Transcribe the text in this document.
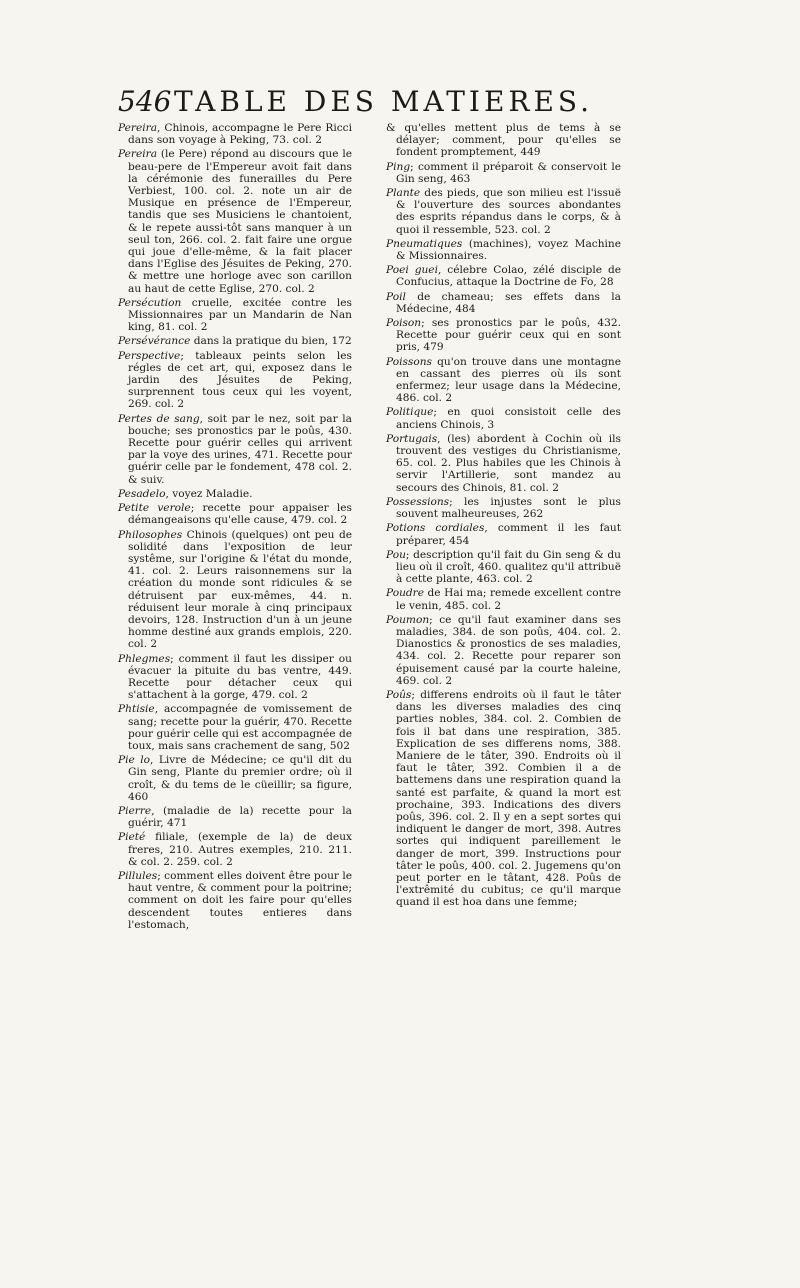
546 TABLE DES MATIERES.

Pereira, Chinois, accompagne le Pere Ricci dans son voyage à Peking, 73. col. 2

Pereira (le Pere) répond au discours que le beau-pere de l'Empereur avoit fait dans la cérémonie des funerailles du Pere Verbiest, 100. col. 2. note un air de Musique en présence de l'Empereur, tandis que ses Musiciens le chantoient, & le repete aussi-tôt sans manquer à un seul ton, 266. col. 2. fait faire une orgue qui joue d'elle-même, & la fait placer dans l'Eglise des Jésuites de Peking, 270. & mettre une horloge avec son carillon au haut de cette Eglise, 270. col. 2

Persécution cruelle, excitée contre les Missionnaires par un Mandarin de Nan king, 81. col. 2

Persévérance dans la pratique du bien, 172

Perspective; tableaux peints selon les régles de cet art, qui, exposez dans le jardin des Jésuites de Peking, surprennent tous ceux qui les voyent, 269. col. 2

Pertes de sang, soit par le nez, soit par la bouche; ses pronostics par le poûs, 430. Recette pour guérir celles qui arrivent par la voye des urines, 471. Recette pour guérir celle par le fondement, 478 col. 2. & suiv.

Pesadelo, voyez Maladie.

Petite verole; recette pour appaiser les démangeaisons qu'elle cause, 479. col. 2

Philosophes Chinois (quelques) ont peu de solidité dans l'exposition de leur systême, sur l'origine & l'état du monde, 41. col. 2. Leurs raisonnemens sur la création du monde sont ridicules & se détruisent par eux-mêmes, 44. n. réduisent leur morale à cinq principaux devoirs, 128. Instruction d'un à un jeune homme destiné aux grands emplois, 220. col. 2

Phlegmes; comment il faut les dissiper ou évacuer la pituite du bas ventre, 449. Recette pour détacher ceux qui s'attachent à la gorge, 479. col. 2

Phtisie, accompagnée de vomissement de sang; recette pour la guérir, 470. Recette pour guérir celle qui est accompagnée de toux, mais sans crachement de sang, 502

Pie lo, Livre de Médecine; ce qu'il dit du Gin seng, Plante du premier ordre; où il croît, & du tems de le cüeillir; sa figure, 460

Pierre, (maladie de la) recette pour la guérir, 471

Pieté filiale, (exemple de la) de deux freres, 210. Autres exemples, 210. 211. & col. 2. 259. col. 2

Pillules; comment elles doivent être pour le haut ventre, & comment pour la poitrine; comment on doit les faire pour qu'elles descendent toutes entieres dans l'estomach,

& qu'elles mettent plus de tems à se délayer; comment, pour qu'elles se fondent promptement, 449

Ping; comment il préparoit & conservoit le Gin seng, 463

Plante des pieds, que son milieu est l'issuë & l'ouverture des sources abondantes des esprits répandus dans le corps, & à quoi il ressemble, 523. col. 2

Pneumatiques (machines), voyez Machine & Missionnaires.

Poei guei, célebre Colao, zélé disciple de Confucius, attaque la Doctrine de Fo, 28

Poil de chameau; ses effets dans la Médecine, 484

Poison; ses pronostics par le poûs, 432. Recette pour guérir ceux qui en sont pris, 479

Poissons qu'on trouve dans une montagne en cassant des pierres où ils sont enfermez; leur usage dans la Médecine, 486. col. 2

Politique; en quoi consistoit celle des anciens Chinois, 3

Portugais, (les) abordent à Cochin où ils trouvent des vestiges du Christianisme, 65. col. 2. Plus habiles que les Chinois à servir l'Artillerie, sont mandez au secours des Chinois, 81. col. 2

Possessions; les injustes sont le plus souvent malheureuses, 262

Potions cordiales, comment il les faut préparer, 454

Pou; description qu'il fait du Gin seng & du lieu où il croît, 460. qualitez qu'il attribuë à cette plante, 463. col. 2

Poudre de Hai ma; remede excellent contre le venin, 485. col. 2

Poumon; ce qu'il faut examiner dans ses maladies, 384. de son poûs, 404. col. 2. Dianostics & pronostics de ses maladies, 434. col. 2. Recette pour reparer son épuisement causé par la courte haleine, 469. col. 2

Poûs; differens endroits où il faut le tâter dans les diverses maladies des cinq parties nobles, 384. col. 2. Combien de fois il bat dans une respiration, 385. Explication de ses differens noms, 388. Maniere de le tâter, 390. Endroits où il faut le tâter, 392. Combien il a de battemens dans une respiration quand la santé est parfaite, & quand la mort est prochaine, 393. Indications des divers poûs, 396. col. 2. Il y en a sept sortes qui indiquent le danger de mort, 398. Autres sortes qui indiquent pareillement le danger de mort, 399. Instructions pour tâter le poûs, 400. col. 2. Jugemens qu'on peut porter en le tâtant, 428. Poûs de l'extrêmité du cubitus; ce qu'il marque quand il est hoa dans une femme;
